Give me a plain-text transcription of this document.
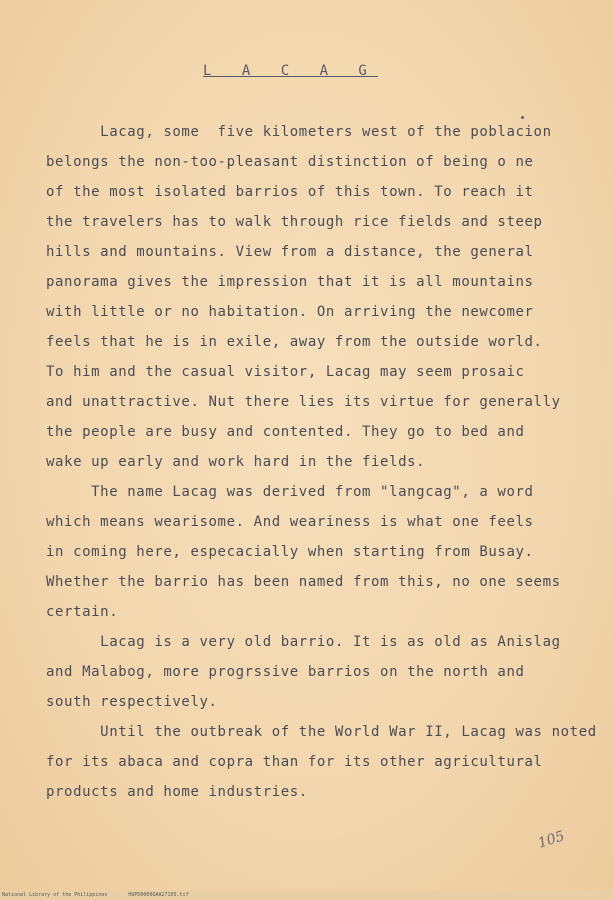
L A C A G
Lacag, some  five kilometers west of the poblacion
belongs the non-too-pleasant distinction of being o ne
of the most isolated barrios of this town. To reach it
the travelers has to walk through rice fields and steep
hills and mountains. View from a distance, the general
panorama gives the impression that it is all mountains
with little or no habitation. On arriving the newcomer
feels that he is in exile, away from the outside world.
To him and the casual visitor, Lacag may seem prosaic
and unattractive. Nut there lies its virtue for generally
the people are busy and contented. They go to bed and
wake up early and work hard in the fields.
The name Lacag was derived from "langcag", a word
which means wearisome. And weariness is what one feels
in coming here, especacially when starting from Busay.
Whether the barrio has been named from this, no one seems
certain.
Lacag is a very old barrio. It is as old as Anislag
and Malabog, more progrssive barrios on the north and
south respectively.
Until the outbreak of the World War II, Lacag was noted
for its abaca and copra than for its other agricultural
products and home industries.
105
National Library of the Philippines	HUPD0000UAA27105.tif
